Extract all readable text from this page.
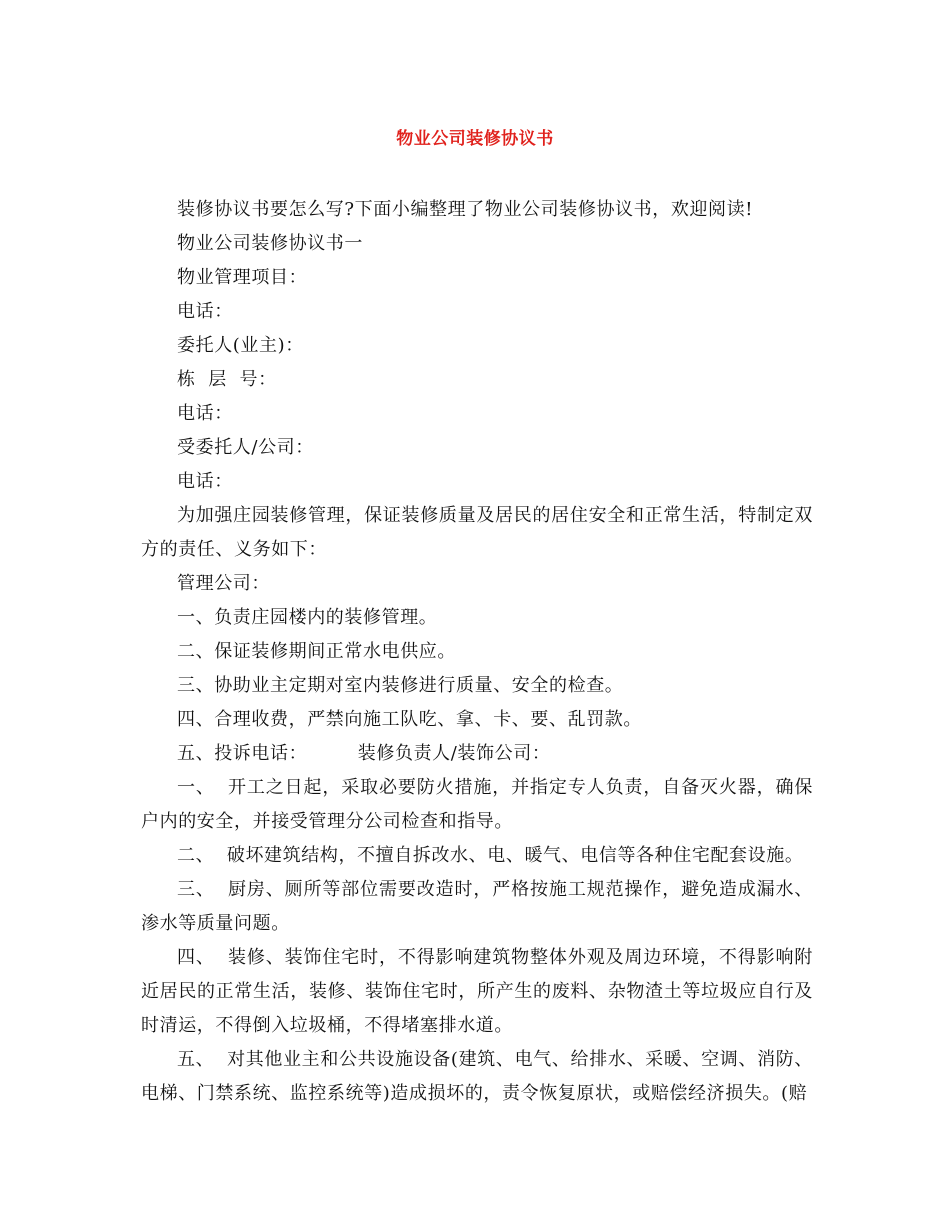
物业公司装修协议书

装修协议书要怎么写?下面小编整理了物业公司装修协议书，欢迎阅读!

物业公司装修协议书一

物业管理项目：

电话：

委托人(业主)：

栋  层  号：

电话：

受委托人/公司：

电话：

为加强庄园装修管理，保证装修质量及居民的居住安全和正常生活，特制定双方的责任、义务如下：

管理公司：

一、负责庄园楼内的装修管理。

二、保证装修期间正常水电供应。

三、协助业主定期对室内装修进行质量、安全的检查。

四、合理收费，严禁向施工队吃、拿、卡、要、乱罚款。

五、投诉电话：        装修负责人/装饰公司：

一、  开工之日起，采取必要防火措施，并指定专人负责，自备灭火器，确保户内的安全，并接受管理分公司检查和指导。

二、  破坏建筑结构，不擅自拆改水、电、暖气、电信等各种住宅配套设施。

三、  厨房、厕所等部位需要改造时，严格按施工规范操作，避免造成漏水、渗水等质量问题。

四、  装修、装饰住宅时，不得影响建筑物整体外观及周边环境，不得影响附近居民的正常生活，装修、装饰住宅时，所产生的废料、杂物渣土等垃圾应自行及时清运，不得倒入垃圾桶，不得堵塞排水道。

五、  对其他业主和公共设施设备(建筑、电气、给排水、采暖、空调、消防、电梯、门禁系统、监控系统等)造成损坏的，责令恢复原状，或赔偿经济损失。(赔
